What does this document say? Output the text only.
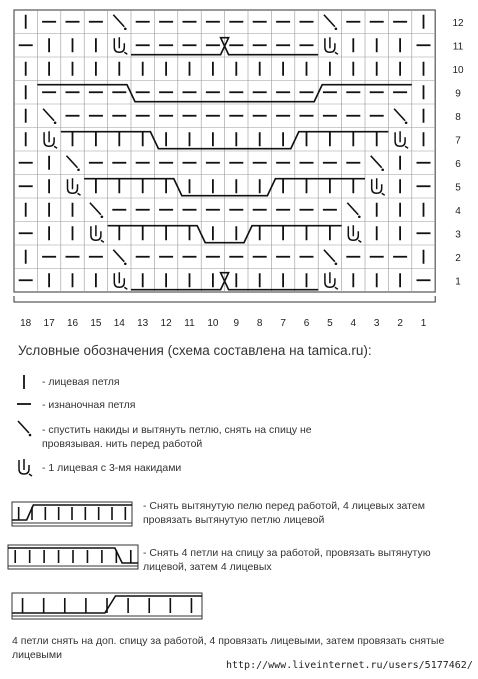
12
11
10
9
8
7
6
5
4
3
2
1
18 17 16 15 14 13 12 11 10 9 8 7 6 5 4 3 2 1
Условные обозначения (схема составлена на tamica.ru):
- лицевая петля
- изнаночная петля
- спустить накиды и вытянуть петлю, снять на спицу не провязывая. нить перед работой
- 1 лицевая с 3-мя накидами
- Снять вытянутую пелю перед работой, 4 лицевых затем провязать вытянутую петлю лицевой
- Снять 4 петли на спицу за работой, провязать вытянутую лицевой, затем 4 лицевых
4 петли снять на доп. спицу за работой, 4 провязать лицевыми, затем провязать снятые лицевыми
http://www.liveinternet.ru/users/5177462/
